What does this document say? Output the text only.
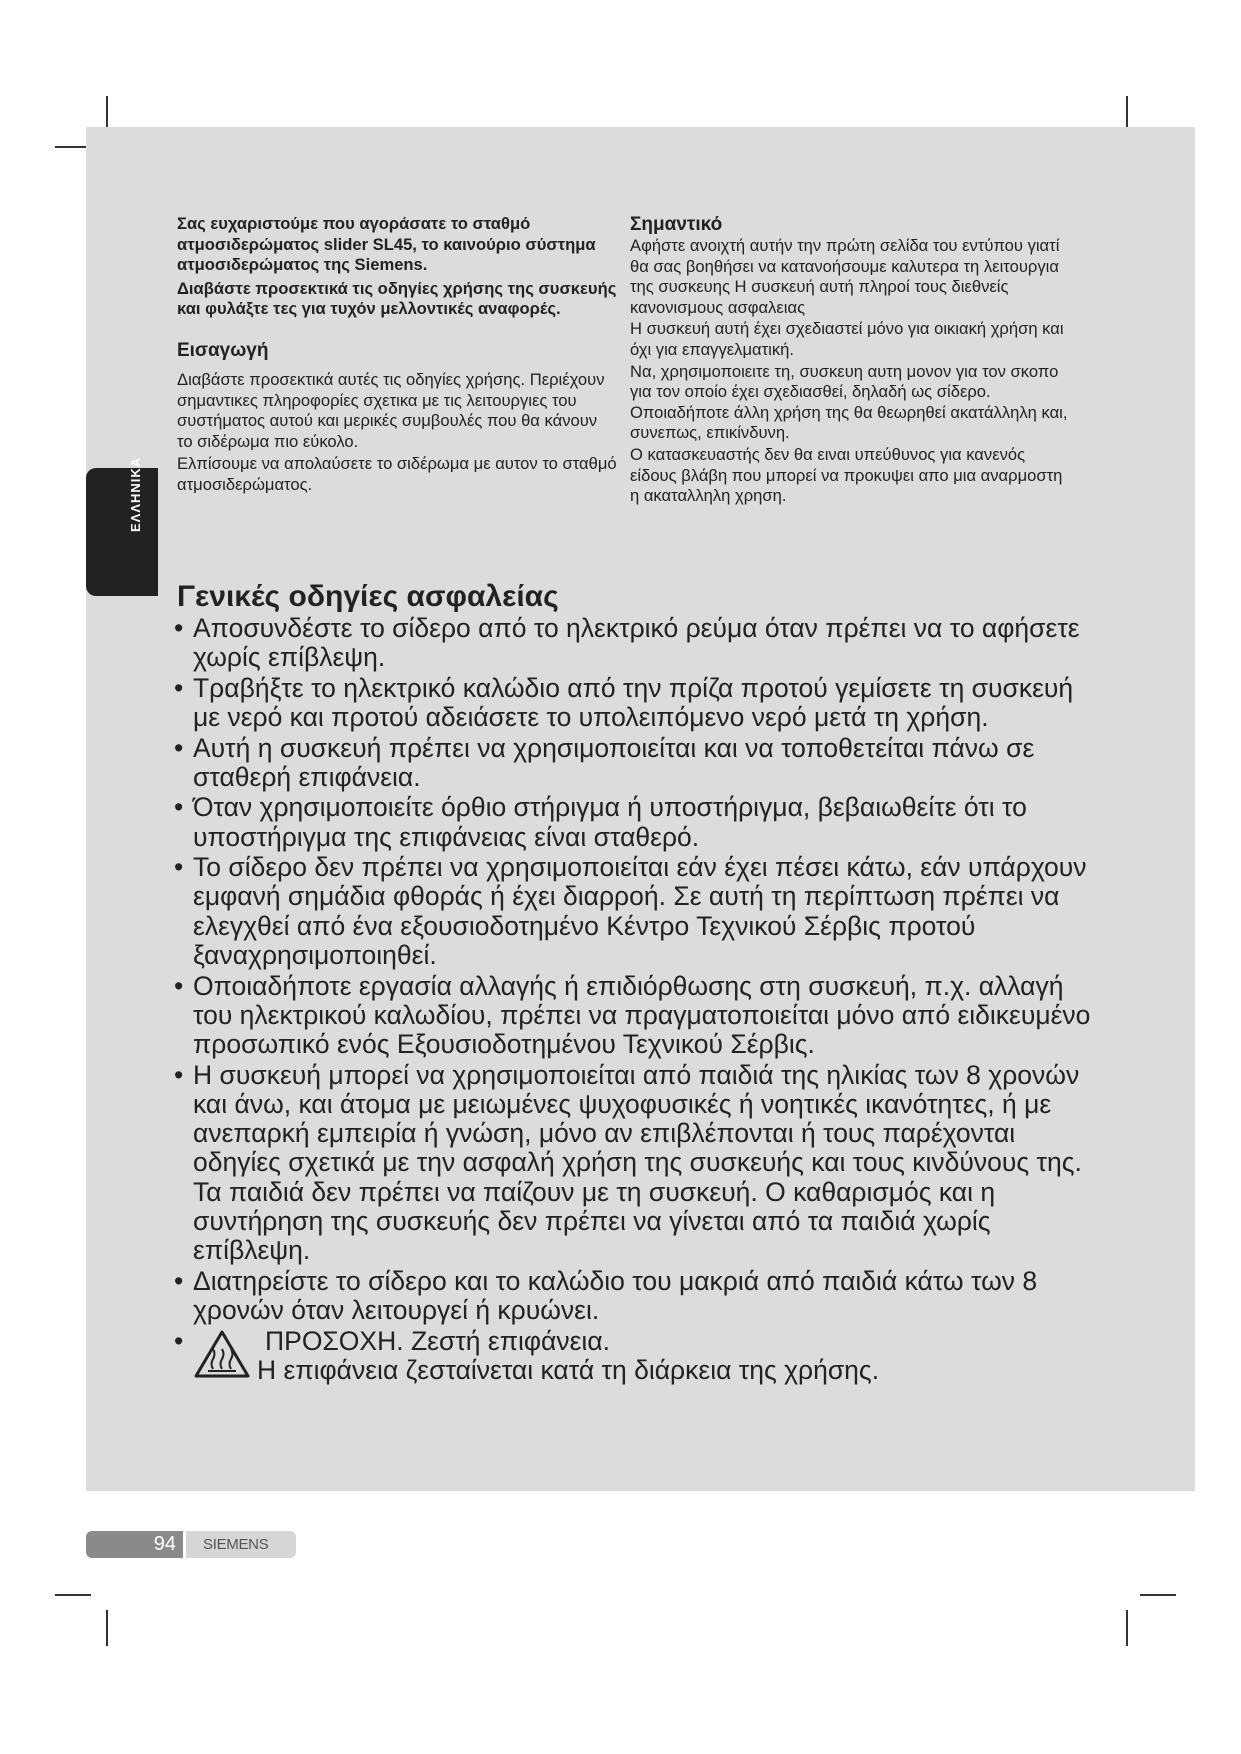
ΕΛΛΗΝΙΚΑ

Σας ευχαριστούμε που αγοράσατε το σταθμό ατμοσιδερώματος slider SL45, το καινούριο σύστημα ατμοσιδερώματος της Siemens.

Διαβάστε προσεκτικά τις οδηγίες χρήσης της συσκευής και φυλάξτε τες για τυχόν μελλοντικές αναφορές.

Εισαγωγή

Διαβάστε προσεκτικά αυτές τις οδηγίες χρήσης. Περιέχουν σημαντικες πληροφορίες σχετικα με τις λειτουργιες του συστήματος αυτού και μερικές συμβουλές που θα κάνουν το σιδέρωμα πιο εύκολο.

Ελπίσουμε να απολαύσετε το σιδέρωμα με αυτον το σταθμό ατμοσιδερώματος.

Σημαντικό

Αφήστε ανοιχτή αυτήν την πρώτη σελίδα του εντύπου γιατί θα σας βοηθήσει να κατανοήσουμε καλυτερα τη λειτουργια της συσκευης Η συσκευή αυτή πληροί τους διεθνείς κανονισμους ασφαλειας

Η συσκευή αυτή έχει σχεδιαστεί μόνο για οικιακή χρήση και όχι για επαγγελματική.

Να, χρησιμοποιειτε τη, συσκευη αυτη μονον για τον σκοπο για τον οποίο έχει σχεδιασθεί, δηλαδή ως σίδερο. Οποιαδήποτε άλλη χρήση της θα θεωρηθεί ακατάλληλη και, συνεπως, επικίνδυνη.

Ο κατασκευαστής δεν θα ειναι υπεύθυνος για κανενός είδους βλάβη που μπορεί να προκυψει απο μια αναρμοστη η ακαταλληλη χρηση.

Γενικές οδηγίες ασφαλείας
• Αποσυνδέστε το σίδερο από το ηλεκτρικό ρεύμα όταν πρέπει να το αφήσετε χωρίς επίβλεψη.
• Τραβήξτε το ηλεκτρικό καλώδιο από την πρίζα προτού γεμίσετε τη συσκευή με νερό και προτού αδειάσετε το υπολειπόμενο νερό μετά τη χρήση.
• Αυτή η συσκευή πρέπει να χρησιμοποιείται και να τοποθετείται πάνω σε σταθερή επιφάνεια.
• Όταν χρησιμοποιείτε όρθιο στήριγμα ή υποστήριγμα, βεβαιωθείτε ότι το υποστήριγμα της επιφάνειας είναι σταθερό.
• Το σίδερο δεν πρέπει να χρησιμοποιείται εάν έχει πέσει κάτω, εάν υπάρχουν εμφανή σημάδια φθοράς ή έχει διαρροή. Σε αυτή τη περίπτωση πρέπει να ελεγχθεί από ένα εξουσιοδοτημένο Κέντρο Τεχνικού Σέρβις προτού ξαναχρησιμοποιηθεί.
• Οποιαδήποτε εργασία αλλαγής ή επιδιόρθωσης στη συσκευή, π.χ. αλλαγή του ηλεκτρικού καλωδίου, πρέπει να πραγματοποιείται μόνο από ειδικευμένο προσωπικό ενός Εξουσιοδοτημένου Τεχνικού Σέρβις.
• Η συσκευή μπορεί να χρησιμοποιείται από παιδιά της ηλικίας των 8 χρονών και άνω, και άτομα με μειωμένες ψυχοφυσικές ή νοητικές ικανότητες, ή με ανεπαρκή εμπειρία ή γνώση, μόνο αν επιβλέπονται ή τους παρέχονται οδηγίες σχετικά με την ασφαλή χρήση της συσκευής και τους κινδύνους της. Τα παιδιά δεν πρέπει να παίζουν με τη συσκευή. Ο καθαρισμός και η συντήρηση της συσκευής δεν πρέπει να γίνεται από τα παιδιά χωρίς επίβλεψη.
• Διατηρείστε το σίδερο και το καλώδιο του μακριά από παιδιά κάτω των 8 χρονών όταν λειτουργεί ή κρυώνει.
• ΠΡΟΣΟΧΗ. Ζεστή επιφάνεια.
Η επιφάνεια ζεσταίνεται κατά τη διάρκεια της χρήσης.
94	SIEMENS
